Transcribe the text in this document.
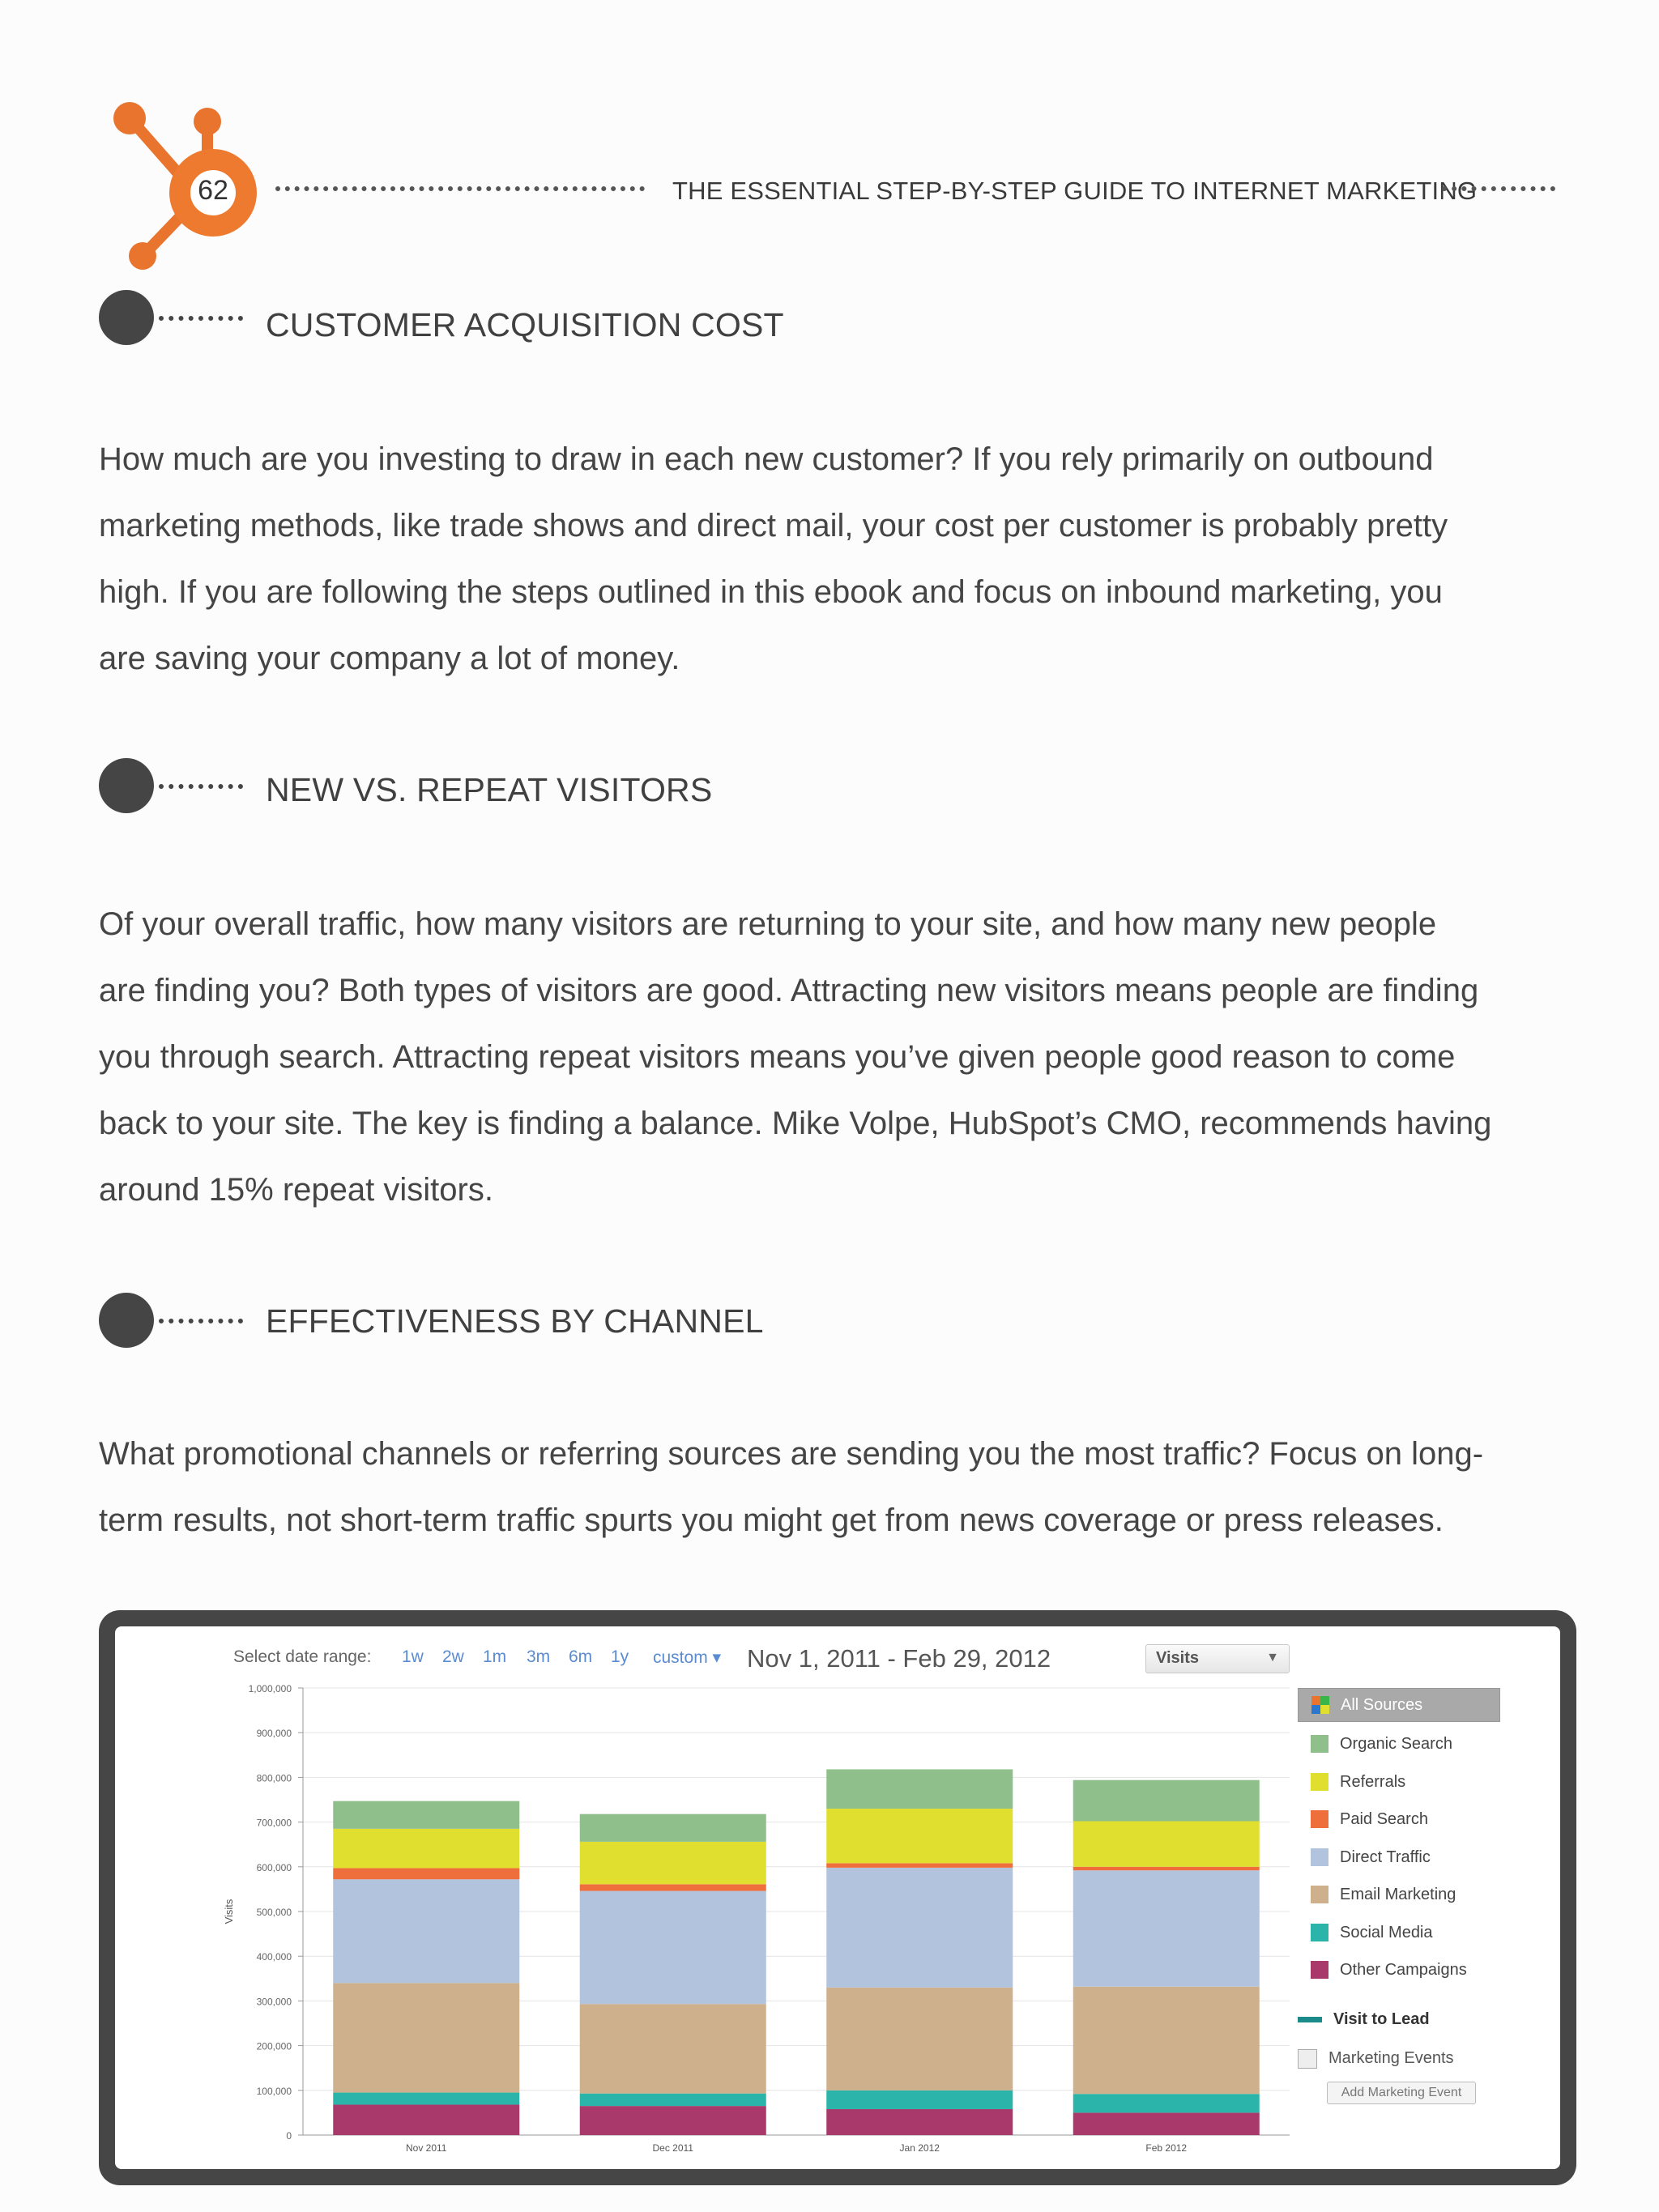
62	THE ESSENTIAL STEP-BY-STEP GUIDE TO INTERNET MARKETING
CUSTOMER ACQUISITION COST
How much are you investing to draw in each new customer? If you rely primarily on outbound
marketing methods, like trade shows and direct mail, your cost per customer is probably pretty
high. If you are following the steps outlined in this ebook and focus on inbound marketing, you
are saving your company a lot of money.
NEW VS. REPEAT VISITORS
Of your overall traffic, how many visitors are returning to your site, and how many new people
are finding you? Both types of visitors are good. Attracting new visitors means people are finding
you through search. Attracting repeat visitors means you’ve given people good reason to come
back to your site. The key is finding a balance. Mike Volpe, HubSpot’s CMO, recommends having
around 15% repeat visitors.
EFFECTIVENESS BY CHANNEL
What promotional channels or referring sources are sending you the most traffic? Focus on long-
term results, not short-term traffic spurts you might get from news coverage or press releases.
Select date range: 1w 2w 1m 3m 6m 1y custom ▾ Nov 1, 2011 - Feb 29, 2012	Visits	▼
0
100,000
200,000
300,000
400,000
500,000
600,000
700,000
800,000
900,000
1,000,000
Visits
Nov 2011	Dec 2011	Jan 2012	Feb 2012
All Sources
Organic Search
Referrals
Paid Search
Direct Traffic
Email Marketing
Social Media
Other Campaigns
Visit to Lead
Marketing Events
Add Marketing Event
